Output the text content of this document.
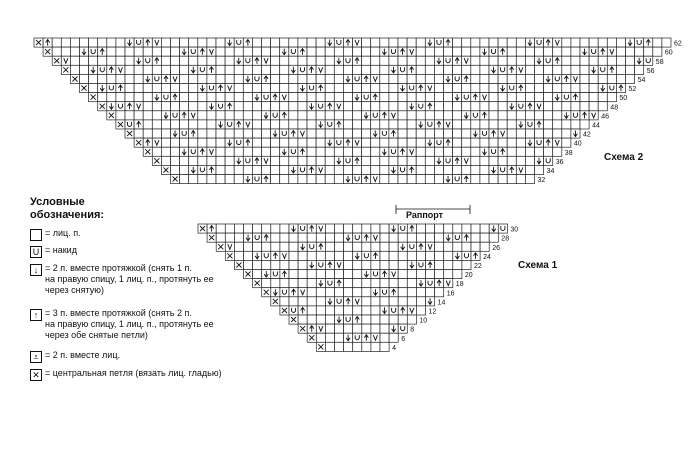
62
60
58
56
54
52
50
48
46
44
42
40
38
36
34
32
30
28
26
24
22
20
18
16
14
12
10
8
6
4
Схема 2
Раппорт
Схема 1
Условные
обозначения:
= лиц. п.
U = накид
↓ = 2 п. вместе протяжкой (снять 1 п.
на правую спицу, 1 лиц. п., протянуть ее
через снятую)
↑ = 3 п. вместе протяжкой (снять 2 п.
на правую спицу, 1 лиц. п., протянуть ее
через обе снятые петли)
⩡ = 2 п. вместе лиц.
✕ = центральная петля (вязать лиц. гладью)
